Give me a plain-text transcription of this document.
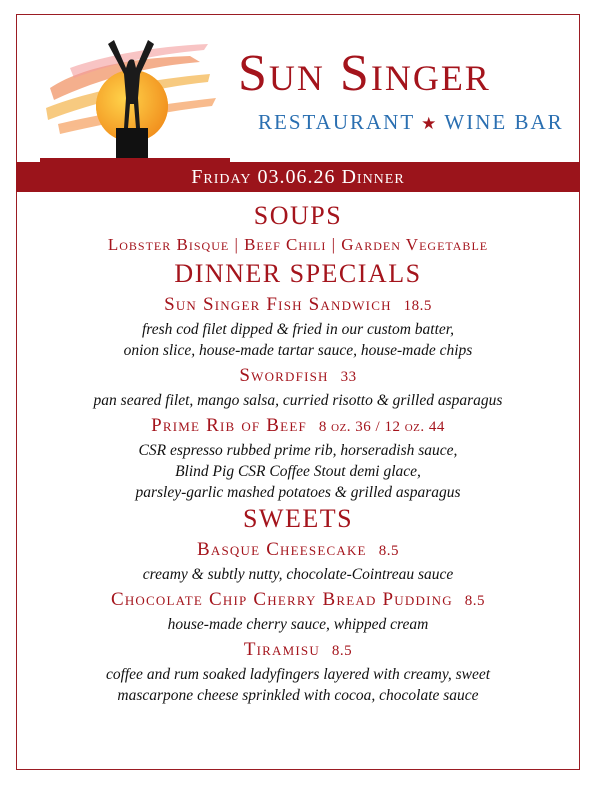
Sun Singer
RESTAURANT ★ WINE BAR
Friday 03.06.26 Dinner
SOUPS
Lobster Bisque | Beef Chili | Garden Vegetable
DINNER SPECIALS
Sun Singer Fish Sandwich 18.5
fresh cod filet dipped & fried in our custom batter,
onion slice, house-made tartar sauce, house-made chips
Swordfish 33
pan seared filet, mango salsa, curried risotto & grilled asparagus
Prime Rib of Beef 8 oz. 36 / 12 oz. 44
CSR espresso rubbed prime rib, horseradish sauce,
Blind Pig CSR Coffee Stout demi glace,
parsley-garlic mashed potatoes & grilled asparagus
SWEETS
Basque Cheesecake 8.5
creamy & subtly nutty, chocolate-Cointreau sauce
Chocolate Chip Cherry Bread Pudding 8.5
house-made cherry sauce, whipped cream
Tiramisu 8.5
coffee and rum soaked ladyfingers layered with creamy, sweet
mascarpone cheese sprinkled with cocoa, chocolate sauce
